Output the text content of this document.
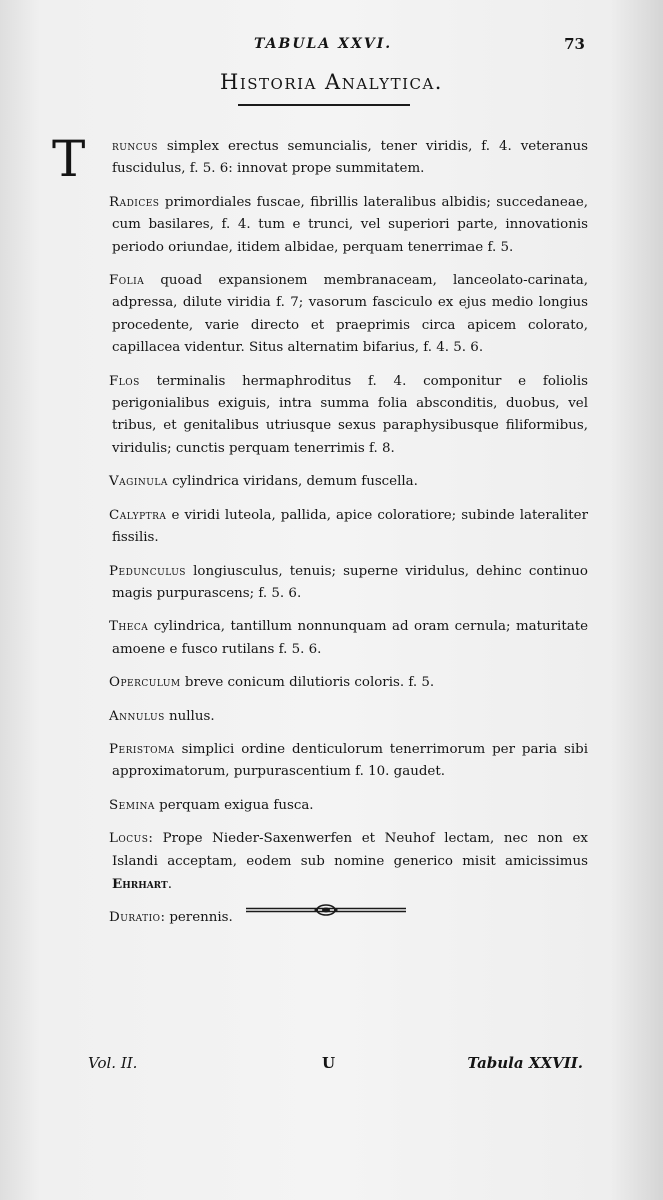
TABULA XXVI.	73
Historia Analytica.

T runcus simplex erectus semuncialis, tener viridis, f. 4. veteranus fuscidulus, f. 5. 6: innovat prope summitatem.

Radices primordiales fuscae, fibrillis lateralibus albidis; succedaneae, cum basilares, f. 4. tum e trunci, vel superiori parte, innovationis periodo oriundae, itidem albidae, perquam tenerrimae f. 5.

Folia quoad expansionem membranaceam, lanceolato-carinata, adpressa, dilute viridia f. 7; vasorum fasciculo ex ejus medio longius procedente, varie directo et praeprimis circa apicem colorato, capillacea videntur. Situs alternatim bifarius, f. 4. 5. 6.

Flos terminalis hermaphroditus f. 4. componitur e foliolis perigonialibus exiguis, intra summa folia absconditis, duobus, vel tribus, et genitalibus utriusque sexus paraphysibusque filiformibus, viridulis; cunctis perquam tenerrimis f. 8.

Vaginula cylindrica viridans, demum fuscella.

Calyptra e viridi luteola, pallida, apice coloratiore; subinde lateraliter fissilis.

Pedunculus longiusculus, tenuis; superne viridulus, dehinc continuo magis purpurascens; f. 5. 6.

Theca cylindrica, tantillum nonnunquam ad oram cernula; maturitate amoene e fusco rutilans f. 5. 6.

Operculum breve conicum dilutioris coloris. f. 5.

Annulus nullus.

Peristoma simplici ordine denticulorum tenerrimorum per paria sibi approximatorum, purpurascentium f. 10. gaudet.

Semina perquam exigua fusca.

Locus: Prope Nieder-Saxenwerfen et Neuhof lectam, nec non ex Islandi acceptam, eodem sub nomine generico misit amicissimus Ehrhart.

Duratio: perennis.

Vol. II.	U	Tabula XXVII.
